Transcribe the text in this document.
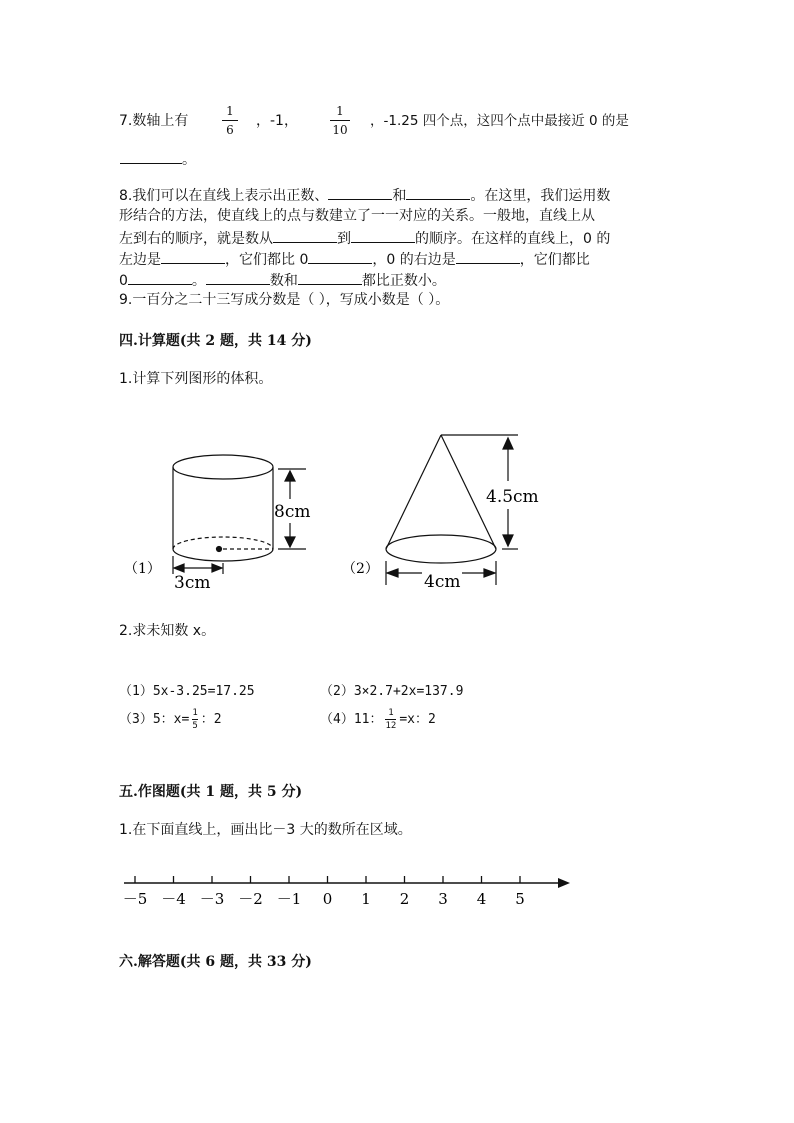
7.数轴上有
1
6
，-1，
1
10
，-1.25 四个点，这四个点中最接近 0 的是
。
8.我们可以在直线上表示出正数、	和	。在这里，我们运用数
形结合的方法，使直线上的点与数建立了一一对应的关系。一般地，直线上从
左到右的顺序，就是数从	到	的顺序。在这样的直线上，0 的
左边是	，它们都比 0	，0 的右边是	，它们都比
0	。	数和	都比正数小。
9.一百分之二十三写成分数是（ ），写成小数是（ ）。
四.计算题(共 2 题，共 14 分)
1.计算下列图形的体积。
（1）
8cm
3cm
（2）
4.5cm
4cm
2.求未知数 x。
（1）5x-3.25=17.25	（2）3×2.7+2x=137.9
（3）5：$x= \frac{1}{5}$ ：2	（4）11： $\frac{1}{12} =x$：2
五.作图题(共 1 题，共 5 分)
1.在下面直线上，画出比－3 大的数所在区域。
－5 －4 －3 －2 －1 0 1 2 3 4 5
六.解答题(共 6 题，共 33 分)
